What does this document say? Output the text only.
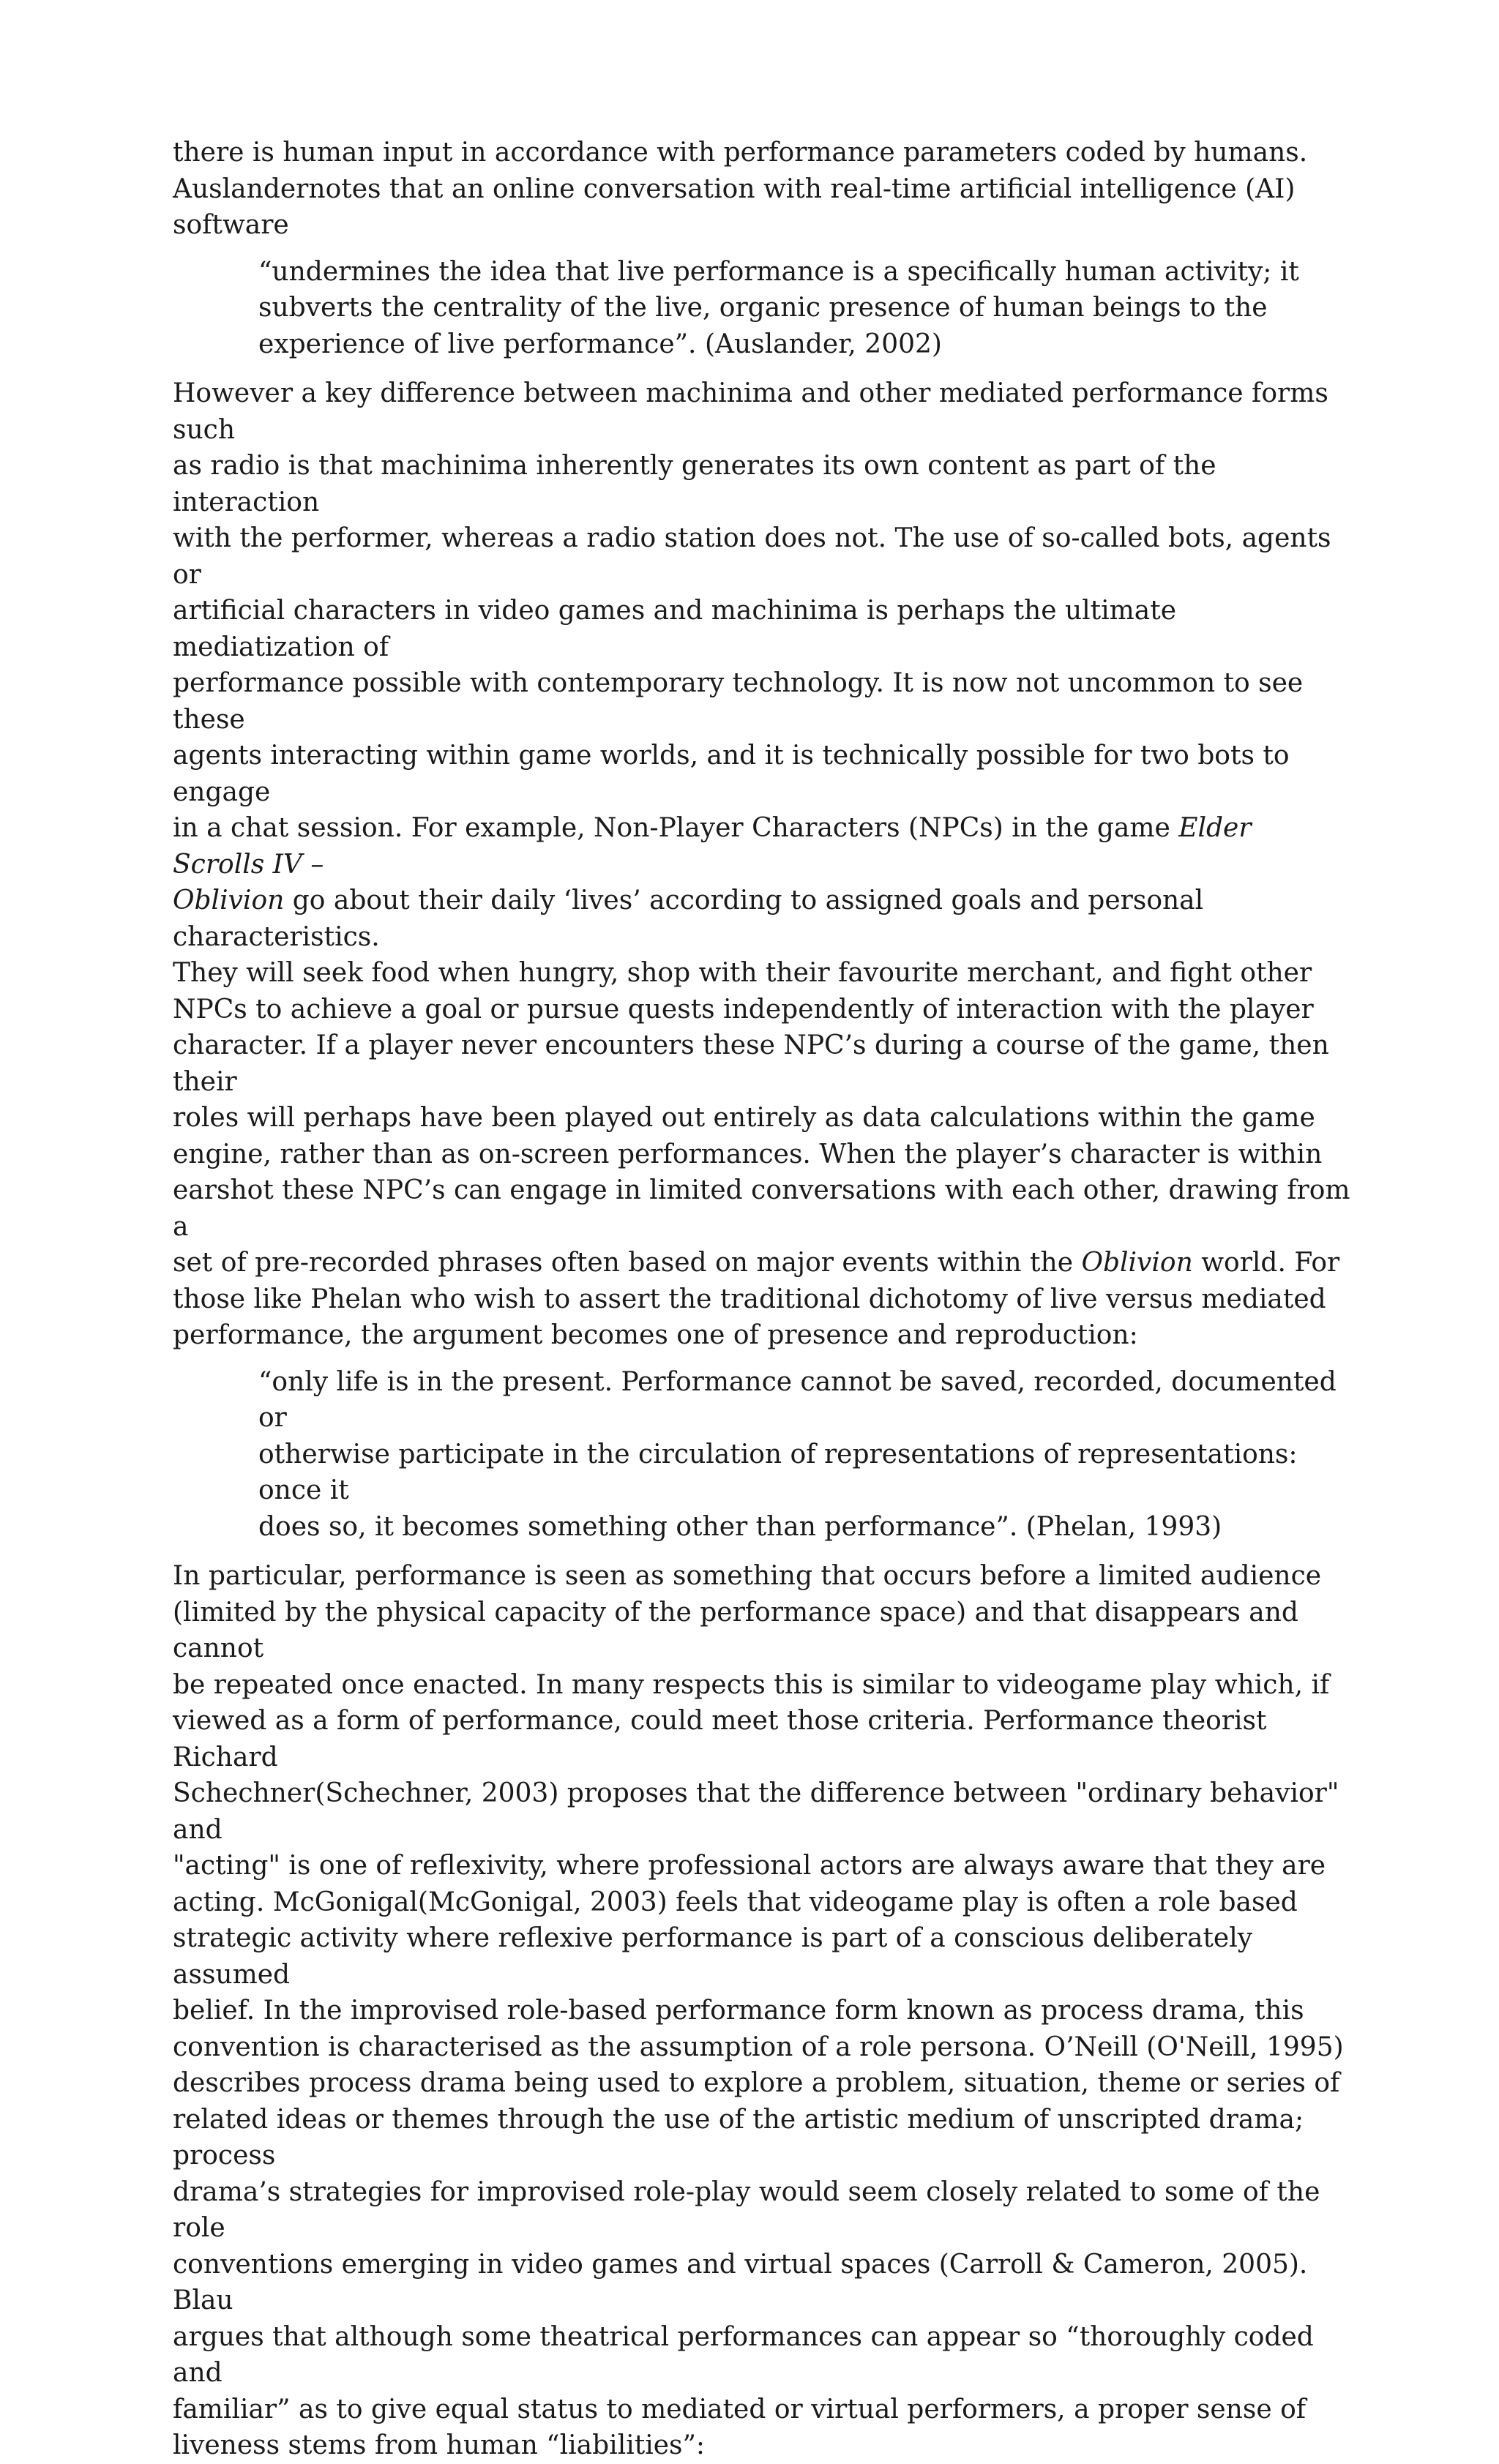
there is human input in accordance with performance parameters coded by humans.
Auslandernotes that an online conversation with real-time artificial intelligence (AI)
software

“undermines the idea that live performance is a specifically human activity; it
subverts the centrality of the live, organic presence of human beings to the
experience of live performance”. (Auslander, 2002)

However a key difference between machinima and other mediated performance forms such
as radio is that machinima inherently generates its own content as part of the interaction
with the performer, whereas a radio station does not. The use of so-called bots, agents or
artificial characters in video games and machinima is perhaps the ultimate mediatization of
performance possible with contemporary technology. It is now not uncommon to see these
agents interacting within game worlds, and it is technically possible for two bots to engage
in a chat session. For example, Non-Player Characters (NPCs) in the game Elder Scrolls IV –
Oblivion go about their daily ‘lives’ according to assigned goals and personal characteristics.
They will seek food when hungry, shop with their favourite merchant, and fight other
NPCs to achieve a goal or pursue quests independently of interaction with the player
character. If a player never encounters these NPC’s during a course of the game, then their
roles will perhaps have been played out entirely as data calculations within the game
engine, rather than as on-screen performances. When the player’s character is within
earshot these NPC’s can engage in limited conversations with each other, drawing from a
set of pre-recorded phrases often based on major events within the Oblivion world. For
those like Phelan who wish to assert the traditional dichotomy of live versus mediated
performance, the argument becomes one of presence and reproduction:

“only life is in the present. Performance cannot be saved, recorded, documented or
otherwise participate in the circulation of representations of representations: once it
does so, it becomes something other than performance”. (Phelan, 1993)

In particular, performance is seen as something that occurs before a limited audience
(limited by the physical capacity of the performance space) and that disappears and cannot
be repeated once enacted. In many respects this is similar to videogame play which, if
viewed as a form of performance, could meet those criteria. Performance theorist Richard
Schechner(Schechner, 2003) proposes that the difference between "ordinary behavior" and
"acting" is one of reflexivity, where professional actors are always aware that they are
acting. McGonigal(McGonigal, 2003) feels that videogame play is often a role based
strategic activity where reflexive performance is part of a conscious deliberately assumed
belief. In the improvised role-based performance form known as process drama, this
convention is characterised as the assumption of a role persona. O’Neill (O'Neill, 1995)
describes process drama being used to explore a problem, situation, theme or series of
related ideas or themes through the use of the artistic medium of unscripted drama; process
drama’s strategies for improvised role-play would seem closely related to some of the role
conventions emerging in video games and virtual spaces (Carroll & Cameron, 2005). Blau
argues that although some theatrical performances can appear so “thoroughly coded and
familiar” as to give equal status to mediated or virtual performers, a proper sense of
liveness stems from human “liabilities”:
